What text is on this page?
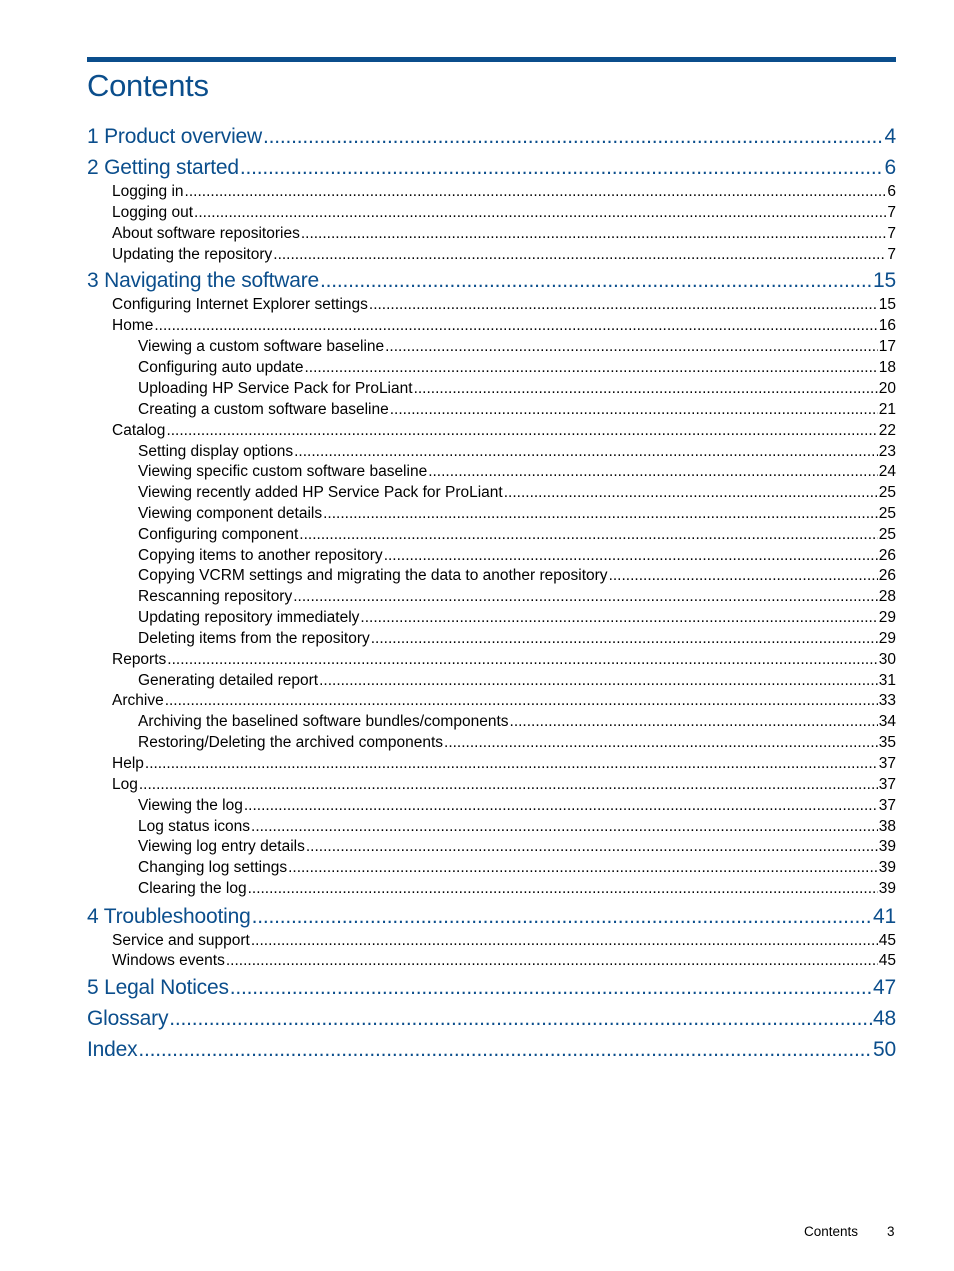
Contents
1 Product overview .....	4
2 Getting started .....	6
Logging in .....	6
Logging out .....	7
About software repositories .....	7
Updating the repository .....	7
3 Navigating the software .....	15
Configuring Internet Explorer settings .....	15
Home .....	16
Viewing a custom software baseline .....	17
Configuring auto update .....	18
Uploading HP Service Pack for ProLiant .....	20
Creating a custom software baseline .....	21
Catalog .....	22
Setting display options .....	23
Viewing specific custom software baseline .....	24
Viewing recently added HP Service Pack for ProLiant .....	25
Viewing component details .....	25
Configuring component .....	25
Copying items to another repository .....	26
Copying VCRM settings and migrating the data to another repository .....	26
Rescanning repository .....	28
Updating repository immediately .....	29
Deleting items from the repository .....	29
Reports .....	30
Generating detailed report .....	31
Archive .....	33
Archiving the baselined software bundles/components .....	34
Restoring/Deleting the archived components .....	35
Help .....	37
Log .....	37
Viewing the log .....	37
Log status icons .....	38
Viewing log entry details .....	39
Changing log settings .....	39
Clearing the log .....	39
4 Troubleshooting .....	41
Service and support .....	45
Windows events .....	45
5 Legal Notices .....	47
Glossary .....	48
Index .....	50
Contents 3
